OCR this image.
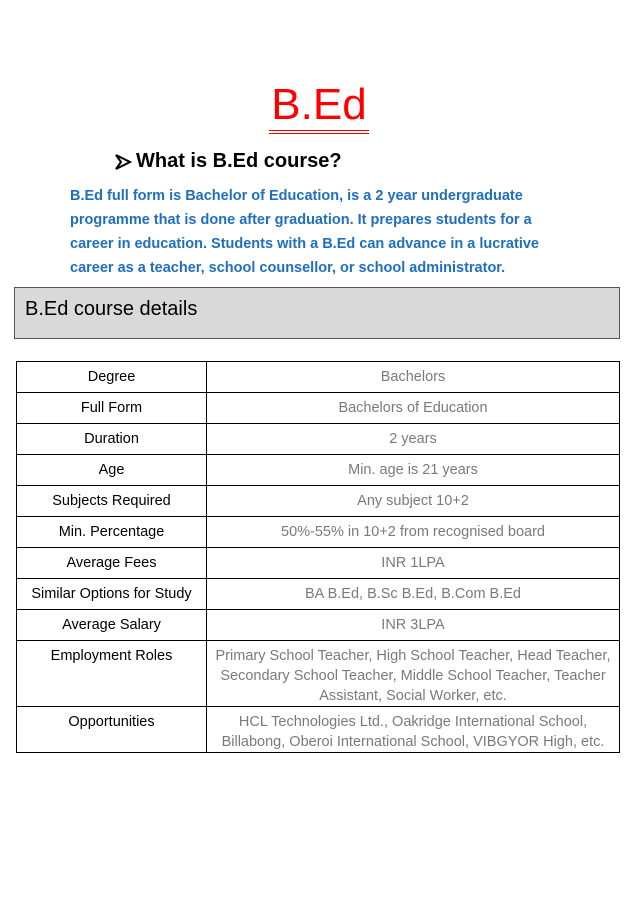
B.Ed
What is B.Ed course?
B.Ed full form is Bachelor of Education, is a 2 year undergraduate programme that is done after graduation. It prepares students for a career in education. Students with a B.Ed can advance in a lucrative career as a teacher, school counsellor, or school administrator.
B.Ed course details
Degree	Bachelors
Full Form	Bachelors of Education
Duration	2 years
Age	Min. age is 21 years
Subjects Required	Any subject 10+2
Min. Percentage	50%-55% in 10+2 from recognised board
Average Fees	INR 1LPA
Similar Options for Study	BA B.Ed, B.Sc B.Ed, B.Com B.Ed
Average Salary	INR 3LPA
Employment Roles	Primary School Teacher, High School Teacher, Head Teacher, Secondary School Teacher, Middle School Teacher, Teacher Assistant, Social Worker, etc.
Opportunities	HCL Technologies Ltd., Oakridge International School, Billabong, Oberoi International School, VIBGYOR High, etc.
